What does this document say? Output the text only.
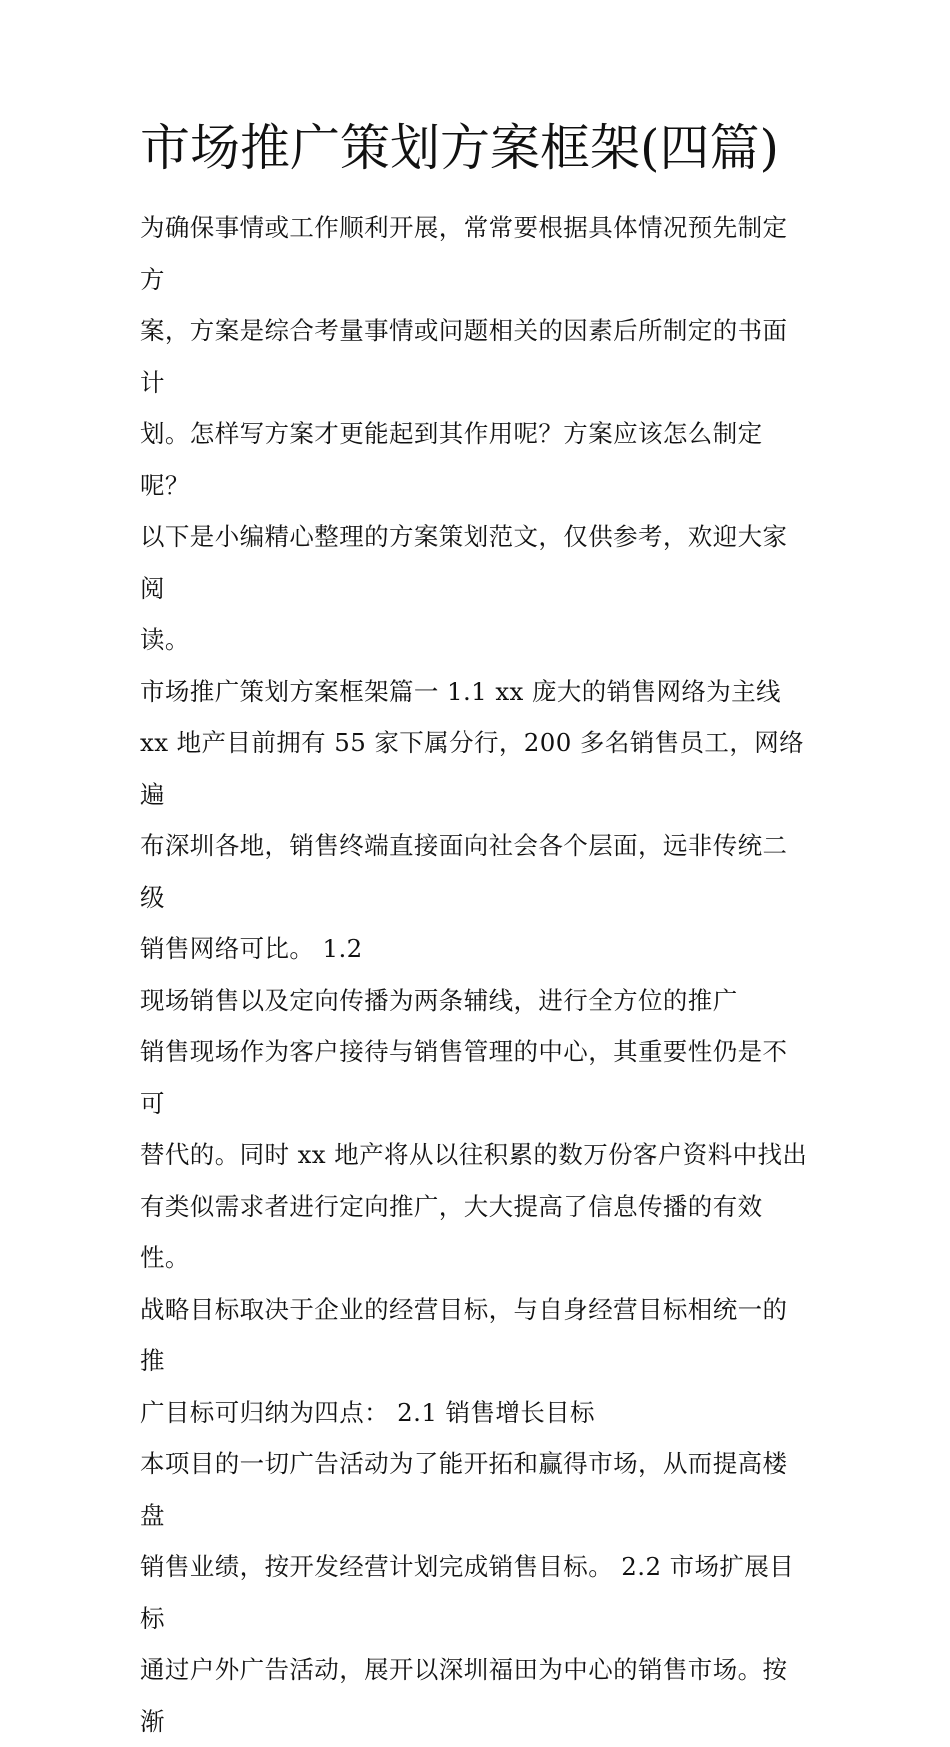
市场推广策划方案框架(四篇)

为确保事情或工作顺利开展，常常要根据具体情况预先制定方
案，方案是综合考量事情或问题相关的因素后所制定的书面计
划。怎样写方案才更能起到其作用呢？方案应该怎么制定呢？
以下是小编精心整理的方案策划范文，仅供参考，欢迎大家阅
读。

市场推广策划方案框架篇一 1.1 xx 庞大的销售网络为主线

xx 地产目前拥有 55 家下属分行，200 多名销售员工，网络遍
布深圳各地，销售终端直接面向社会各个层面，远非传统二级
销售网络可比。 1.2

现场销售以及定向传播为两条辅线，进行全方位的推广

销售现场作为客户接待与销售管理的中心，其重要性仍是不可
替代的。同时 xx 地产将从以往积累的数万份客户资料中找出
有类似需求者进行定向推广，大大提高了信息传播的有效性。
战略目标取决于企业的经营目标，与自身经营目标相统一的推
广目标可归纳为四点： 2.1 销售增长目标

本项目的一切广告活动为了能开拓和赢得市场，从而提高楼盘
销售业绩，按开发经营计划完成销售目标。 2.2 市场扩展目标
通过户外广告活动，展开以深圳福田为中心的销售市场。按渐
